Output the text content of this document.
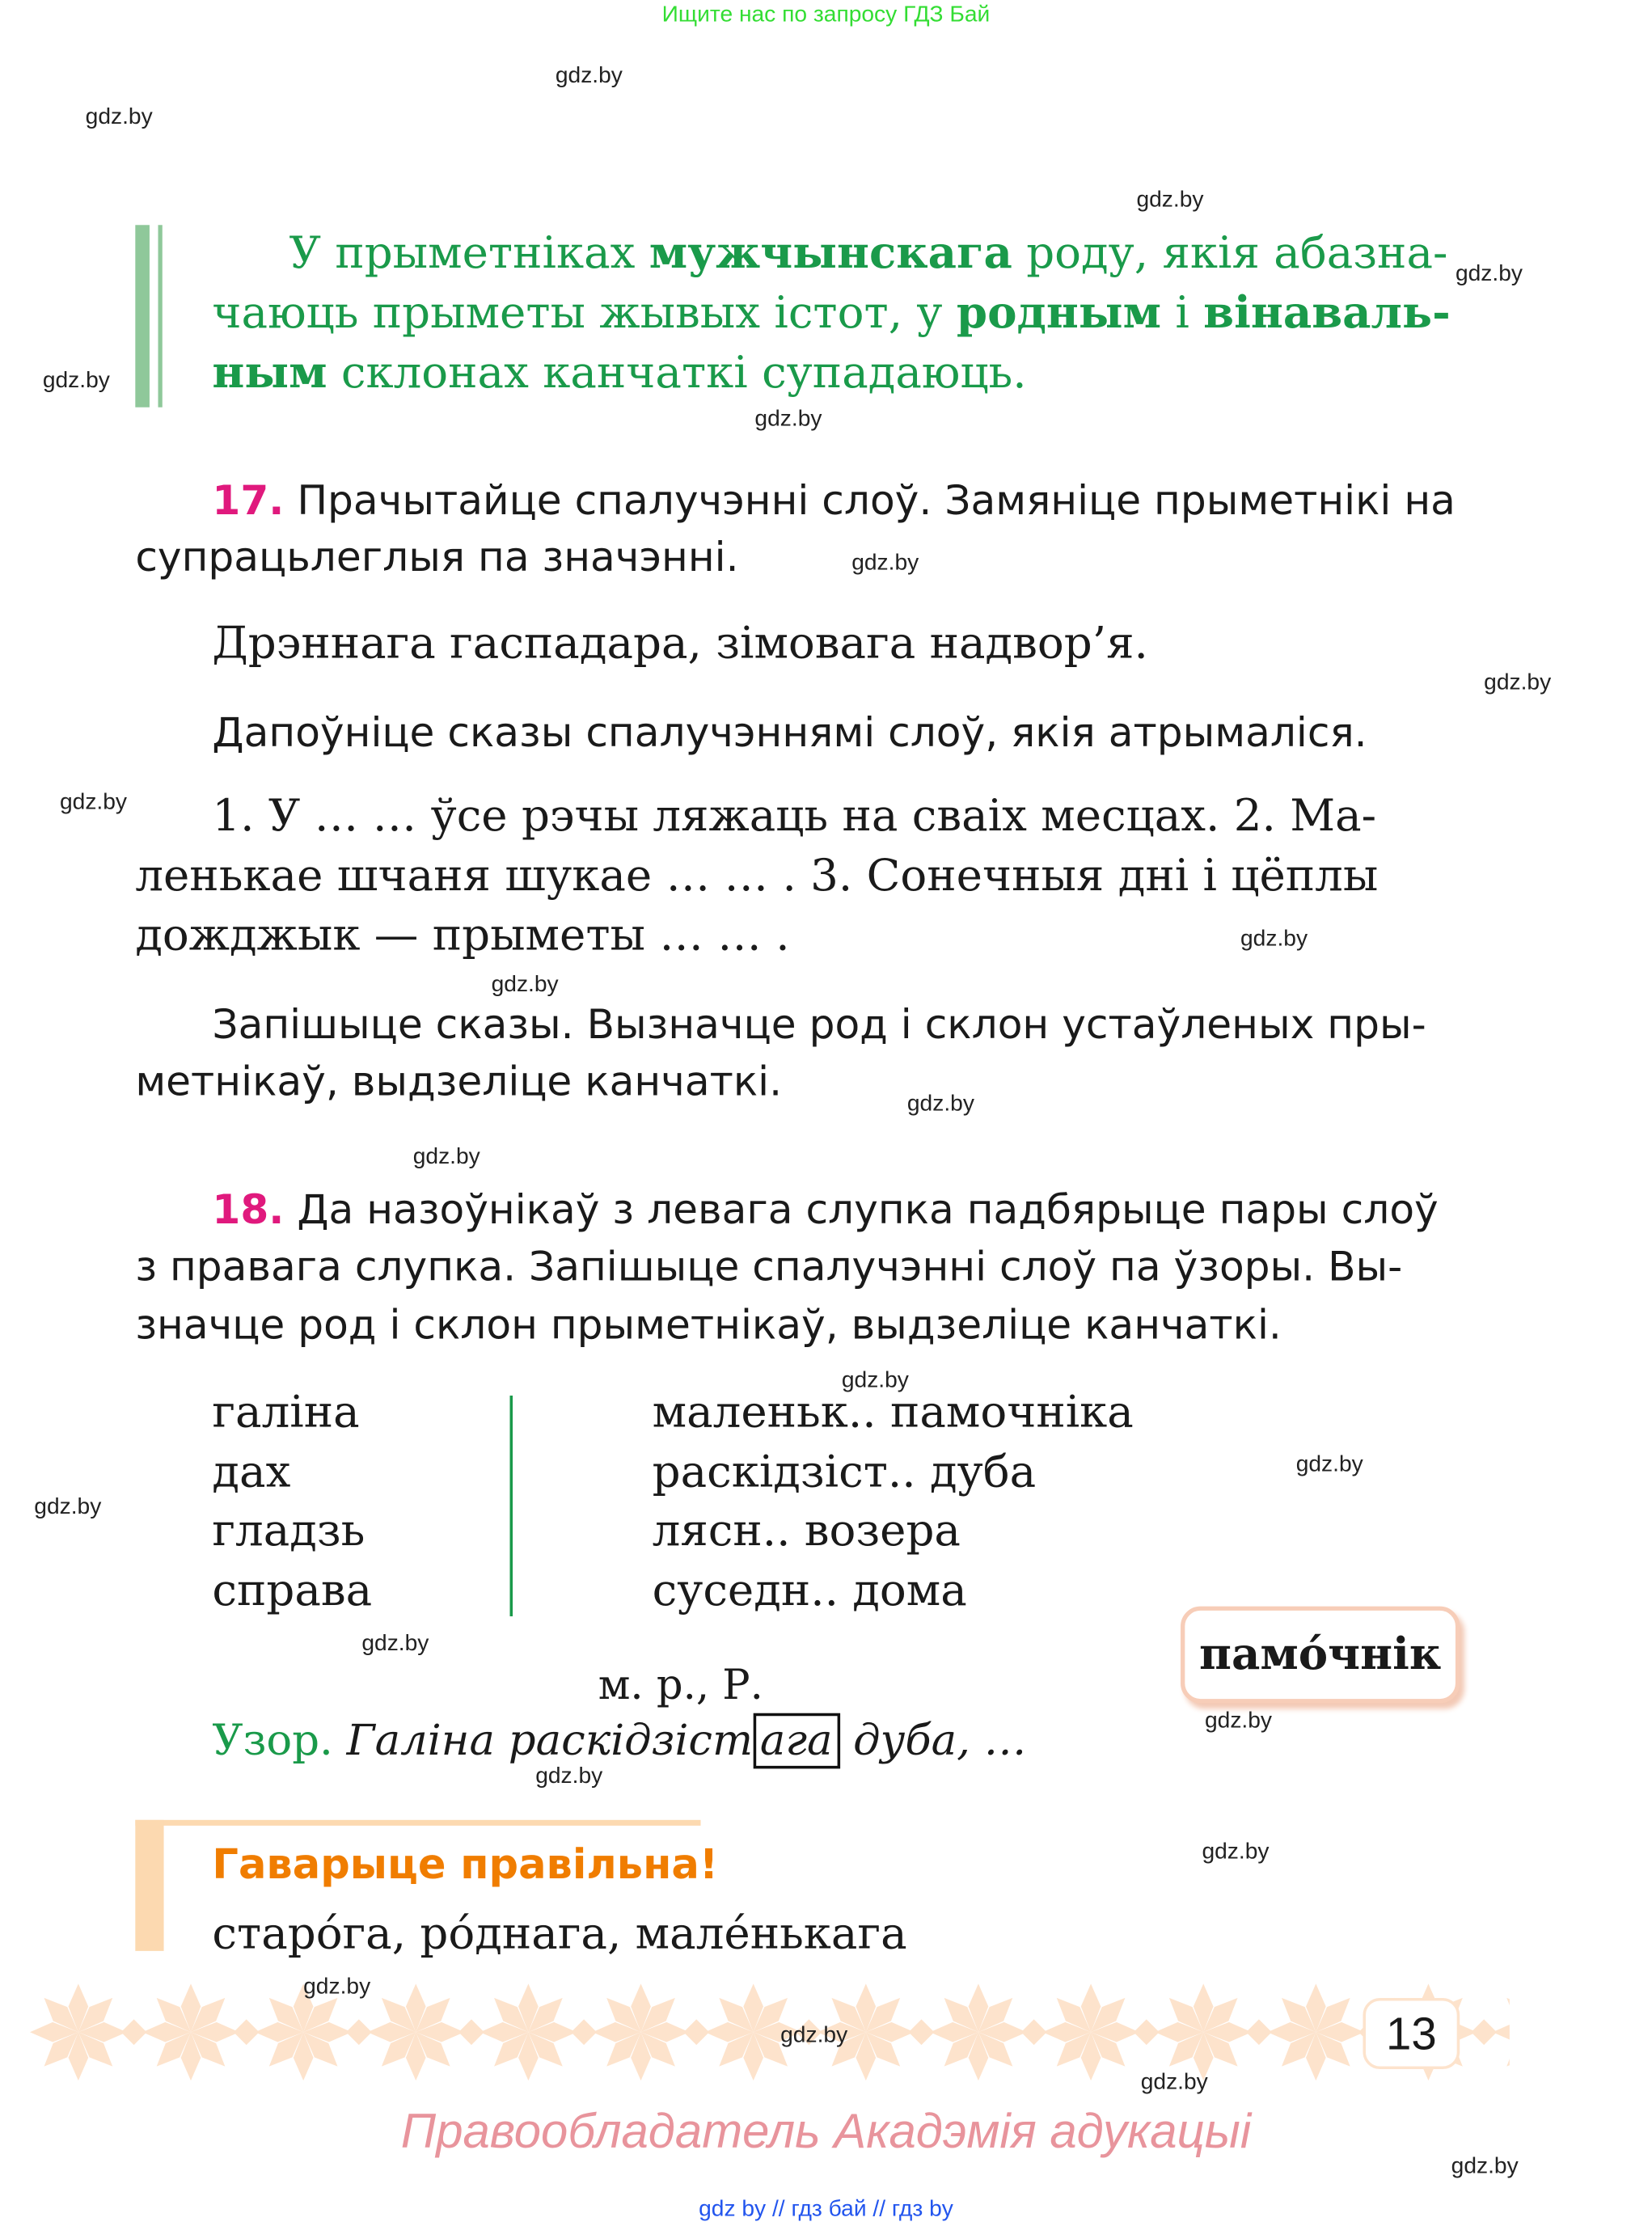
Ищите нас по запросу ГДЗ Бай
У прыметніках мужчынскага роду, якія абазна-
чаюць прыметы жывых істот, у родным і вінаваль-
ным склонах канчаткі супадаюць.
17. Прачытайце спалучэнні слоў. Замяніце прыметнікі на
супрацьлеглыя па значэнні.
Дрэннага гаспадара, зімовага надвор’я.
Дапоўніце сказы спалучэннямі слоў, якія атрымаліся.
1. У … … ўсе рэчы ляжаць на сваіх месцах. 2. Ма-
ленькае шчаня шукае … … . 3. Сонечныя дні і цёплы
дожджык — прыметы … … .
Запішыце сказы. Вызначце род і склон устаўленых пры-
метнікаў, выдзеліце канчаткі.
18. Да назоўнікаў з левага слупка падбярыце пары слоў
з правага слупка. Запішыце спалучэнні слоў па ўзоры. Вы-
значце род і склон прыметнікаў, выдзеліце канчаткі.
галіна
дах
гладзь
справа
маленьк.. памочніка
раскідзіст.. дуба
лясн.. возера
суседн.. дома
памóчнік
м. р., Р.
Узор. Галіна раскідзіст ага дуба, …
Гаварыце правільна!
стaрóга, рóднага, малéнькага
13
Правообладатель Акадэмія адукацыі
gdz by // гдз бай // гдз by
gdz.by
gdz.by
gdz.by
gdz.by
gdz.by
gdz.by
gdz.by
gdz.by
gdz.by
gdz.by
gdz.by
gdz.by
gdz.by
gdz.by
gdz.by
gdz.by
gdz.by
gdz.by
gdz.by
gdz.by
gdz.by
gdz.by
gdz.by
gdz.by
